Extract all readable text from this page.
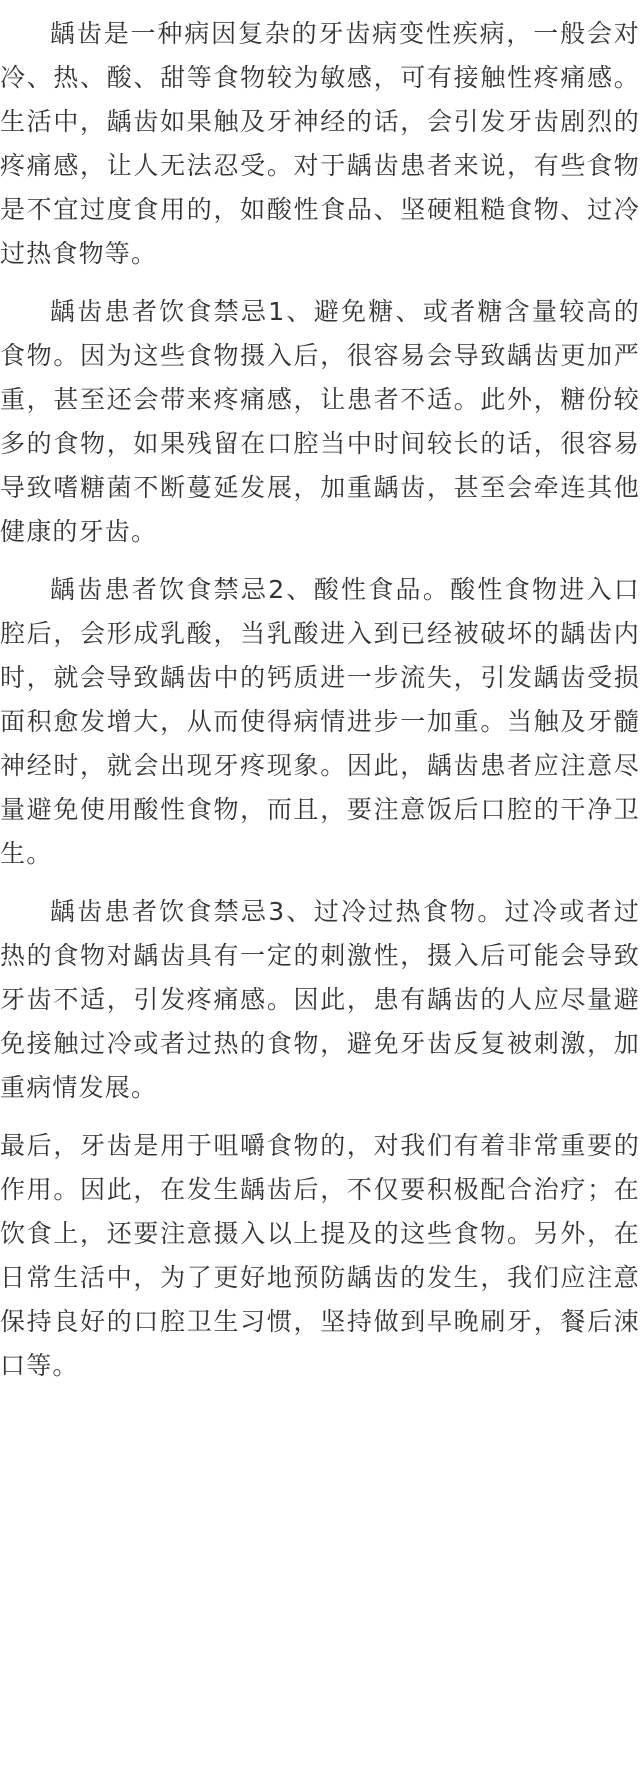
龋齿是一种病因复杂的牙齿病变性疾病，一般会对冷、热、酸、甜等食物较为敏感，可有接触性疼痛感。生活中，龋齿如果触及牙神经的话，会引发牙齿剧烈的疼痛感，让人无法忍受。对于龋齿患者来说，有些食物是不宜过度食用的，如酸性食品、坚硬粗糙食物、过冷过热食物等。

龋齿患者饮食禁忌1、避免糖、或者糖含量较高的食物。因为这些食物摄入后，很容易会导致龋齿更加严重，甚至还会带来疼痛感，让患者不适。此外，糖份较多的食物，如果残留在口腔当中时间较长的话，很容易导致嗜糖菌不断蔓延发展，加重龋齿，甚至会牵连其他健康的牙齿。

龋齿患者饮食禁忌2、酸性食品。酸性食物进入口腔后，会形成乳酸，当乳酸进入到已经被破坏的龋齿内时，就会导致龋齿中的钙质进一步流失，引发龋齿受损面积愈发增大，从而使得病情进步一加重。当触及牙髓神经时，就会出现牙疼现象。因此，龋齿患者应注意尽量避免使用酸性食物，而且，要注意饭后口腔的干净卫生。

龋齿患者饮食禁忌3、过冷过热食物。过冷或者过热的食物对龋齿具有一定的刺激性，摄入后可能会导致牙齿不适，引发疼痛感。因此，患有龋齿的人应尽量避免接触过冷或者过热的食物，避免牙齿反复被刺激，加重病情发展。

最后，牙齿是用于咀嚼食物的，对我们有着非常重要的作用。因此，在发生龋齿后，不仅要积极配合治疗；在饮食上，还要注意摄入以上提及的这些食物。另外，在日常生活中，为了更好地预防龋齿的发生，我们应注意保持良好的口腔卫生习惯，坚持做到早晚刷牙，餐后涑口等。
